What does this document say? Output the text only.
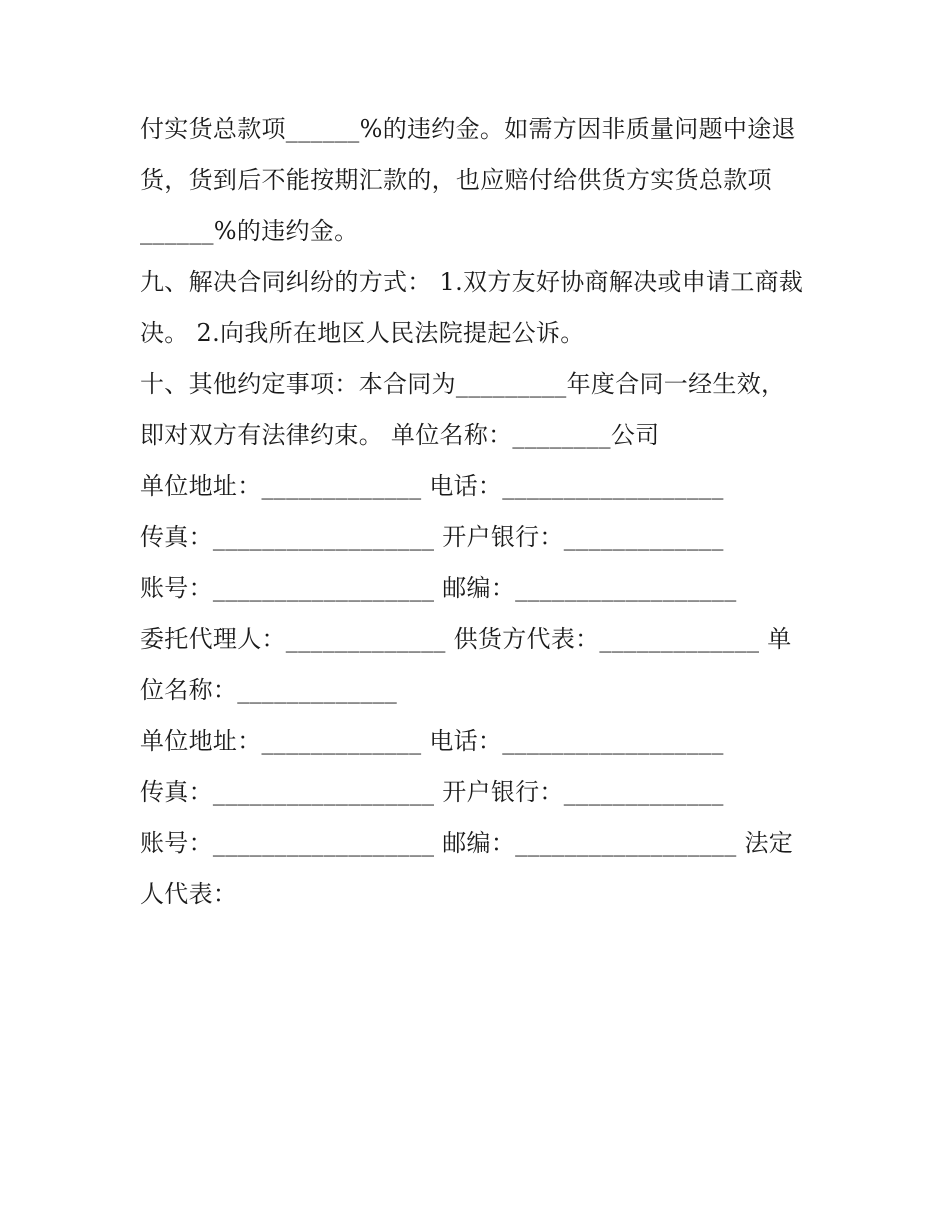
付实货总款项______%的违约金。如需方因非质量问题中途退
货，货到后不能按期汇款的，也应赔付给供货方实货总款项
______%的违约金。
九、解决合同纠纷的方式： 1.双方友好协商解决或申请工商裁
决。 2.向我所在地区人民法院提起公诉。
十、其他约定事项：本合同为_________年度合同一经生效，
即对双方有法律约束。 单位名称：________公司
单位地址：_____________ 电话：__________________
传真：__________________ 开户银行：_____________
账号：__________________ 邮编：__________________
委托代理人：_____________ 供货方代表：_____________ 单
位名称：_____________
单位地址：_____________ 电话：__________________
传真：__________________ 开户银行：_____________
账号：__________________ 邮编：__________________ 法定
人代表：
